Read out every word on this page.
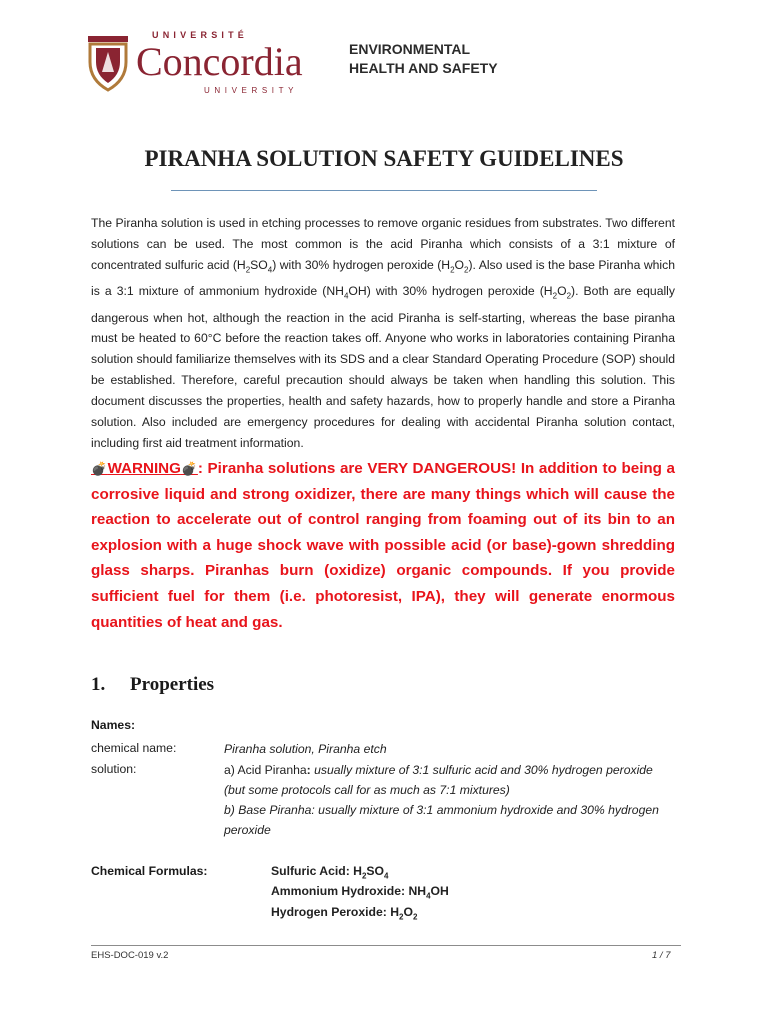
UNIVERSITÉ
Concordia
UNIVERSITY
ENVIRONMENTAL
HEALTH AND SAFETY
PIRANHA SOLUTION SAFETY GUIDELINES
The Piranha solution is used in etching processes to remove organic residues from substrates. Two different solutions can be used. The most common is the acid Piranha which consists of a 3:1 mixture of concentrated sulfuric acid $(H_2SO_4)$ with 30% hydrogen peroxide $(H_2O_2)$. Also used is the base Piranha which is a 3:1 mixture of ammonium hydroxide $(NH_4OH)$ with 30% hydrogen peroxide $(H_2O_2)$. Both are equally dangerous when hot, although the reaction in the acid Piranha is self-starting, whereas the base piranha must be heated to 60°C before the reaction takes off. Anyone who works in laboratories containing Piranha solution should familiarize themselves with its SDS and a clear Standard Operating Procedure (SOP) should be established. Therefore, careful precaution should always be taken when handling this solution. This document discusses the properties, health and safety hazards, how to properly handle and store a Piranha solution. Also included are emergency procedures for dealing with accidental Piranha solution contact, including first aid treatment information.
💣WARNING💣: Piranha solutions are VERY DANGEROUS! In addition to being a corrosive liquid and strong oxidizer, there are many things which will cause the reaction to accelerate out of control ranging from foaming out of its bin to an explosion with a huge shock wave with possible acid (or base)-gown shredding glass sharps. Piranhas burn (oxidize) organic compounds. If you provide sufficient fuel for them (i.e. photoresist, IPA), they will generate enormous quantities of heat and gas.
1. Properties
Names:
chemical name:	Piranha solution, Piranha etch
solution:	a) Acid Piranha: usually mixture of 3:1 sulfuric acid and 30% hydrogen peroxide (but some protocols call for as much as 7:1 mixtures)
b) Base Piranha: usually mixture of 3:1 ammonium hydroxide and 30% hydrogen peroxide
Chemical Formulas:	Sulfuric Acid: $H_2SO_4$
Ammonium Hydroxide: $NH_4OH$
Hydrogen Peroxide: $H_2O_2$
EHS-DOC-019 v.2	1 / 7
